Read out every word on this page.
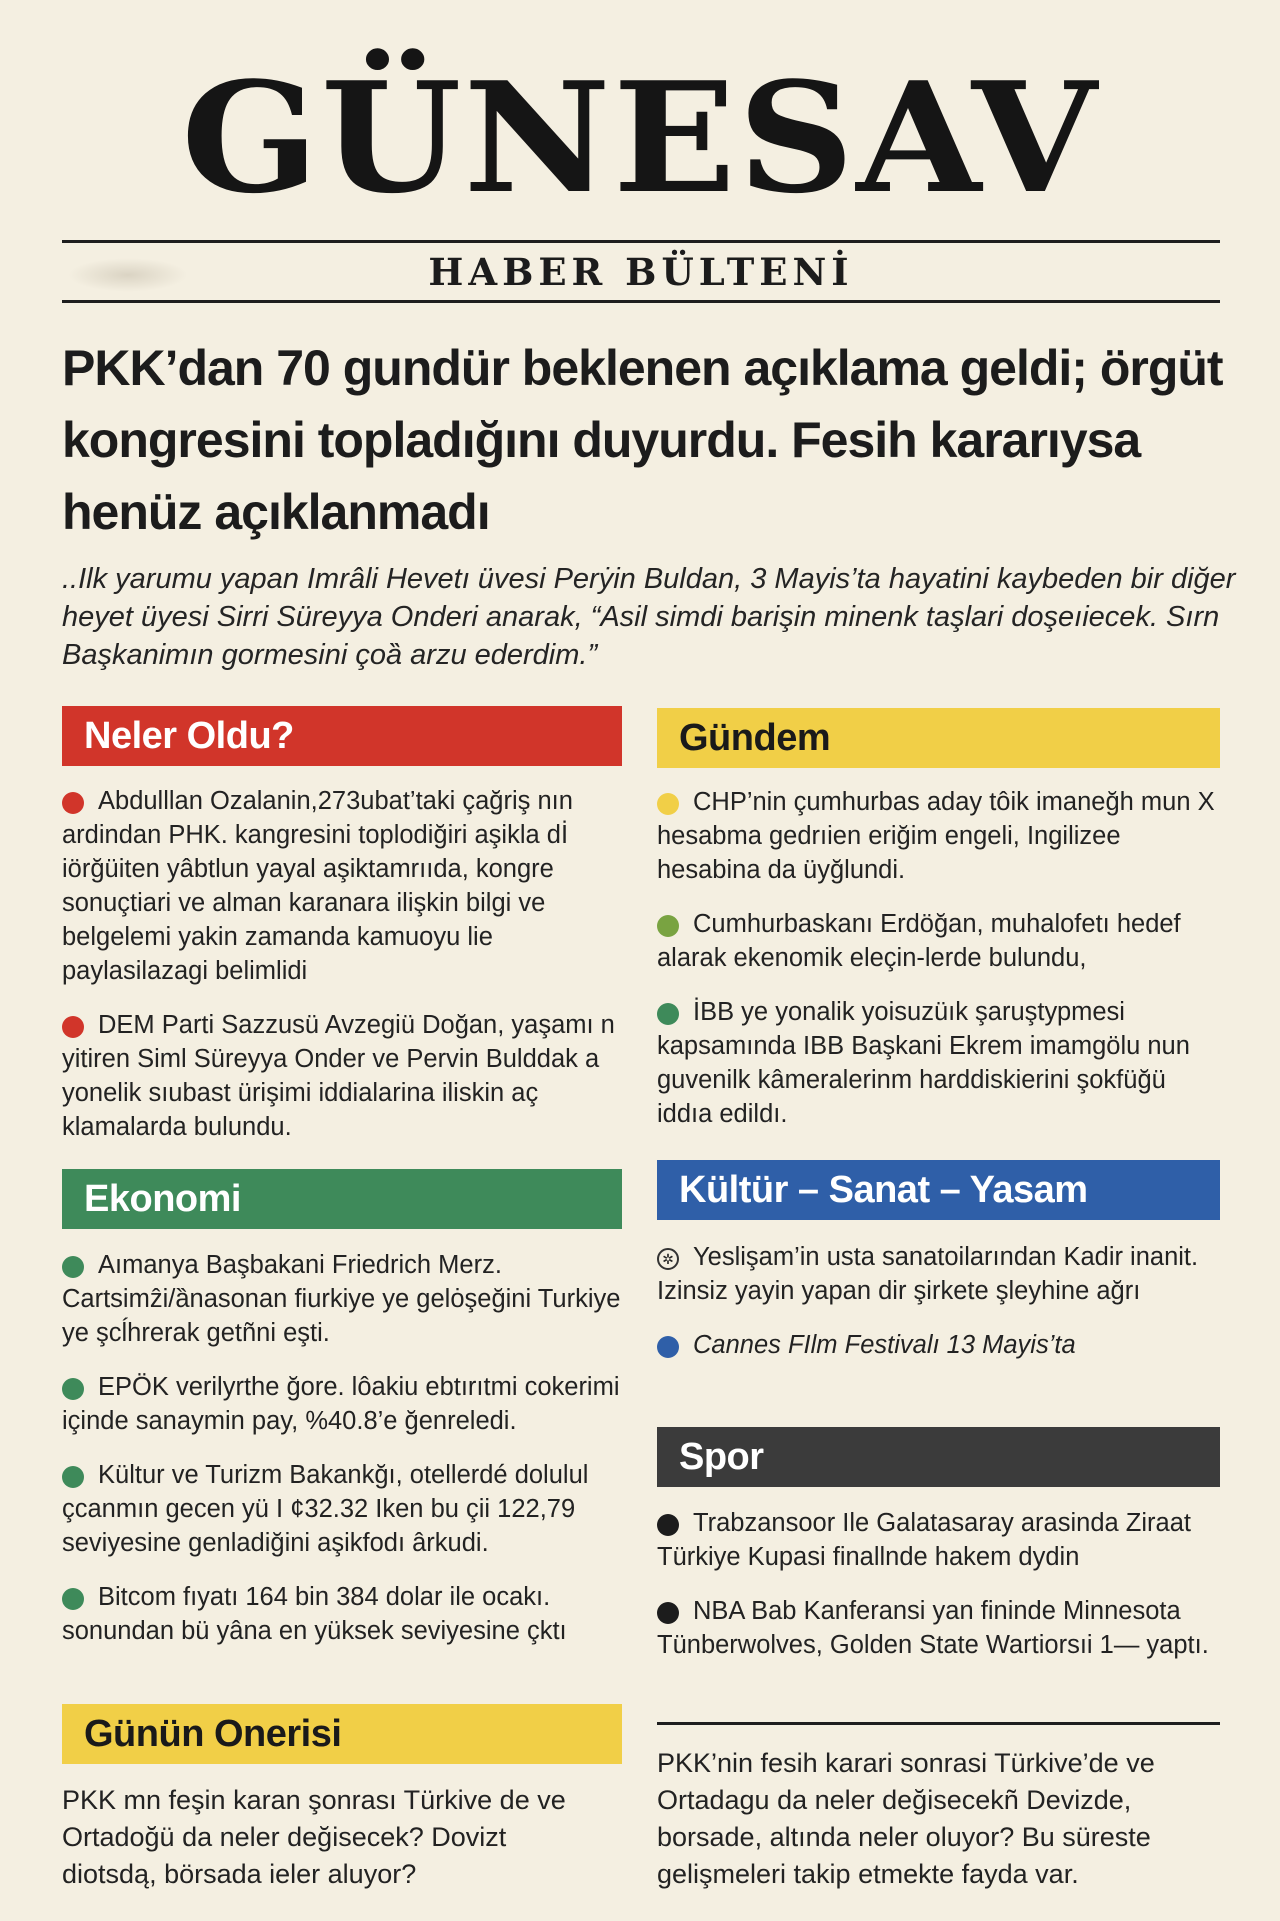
GÜNESAV
HABER BÜLTENİ
PKK’dan 70 gundür beklenen açıklama geldi; örgüt kongresini topladığını duyurdu. Fesih kararıysa henüz açıklanmadı

..Ilk yarumu yapan Imrâli Hevetı üvesi Perẏin Buldan, 3 Mayis’ta hayatini kaybeden bir diğer heyet üyesi Sirri Süreyya Onderi anarak, “Asil simdi barişin minenk taşlari doşeıiecek. Sırn Başkanimın gormesini çoȁ arzu ederdim.”

Neler Oldu?
Abdulllan Ozalanin,273ubat’taki çağriş nın ardindan PHK. kangresini toplodiğiri aşikla dİ iörğüiten yâbtlun yayal aşiktamrııda, kongre sonuçtiari ve alman karanara ilişkin bilgi ve belgelemi yakin zamanda kamuoyu lie paylasilazagi belimlidi
DEM Parti Sazzusü Avzegiü Doğan, yaşamı n yitiren Siml Süreyya Onder ve Pervin Bulddak a yonelik sıubast ürişimi iddialarina iliskin aç klamalarda bulundu.
Gündem
CHP’nin çumhurbas aday tôik imaneğh mun X hesabma gedrıien eriğim engeli, Ingilizee hesabina da üyğlundi.
Cumhurbaskanı Erdöğan, muhalofetı hedef alarak ekenomik eleçin-lerde bulundu,
İBB ye yonalik yoisuzüık şaruştурmesi kapsamında IBB Başkani Ekrem imamgölu nun guvenilk kâmeralerinm harddiskierini şokfüğü iddıa edildı.
Ekonomi
Aımanya Başbakani Friedrich Merz. Cartsimẑi/ȁnasonan fiurkiye ye gelȯşeğini Turkiye ye şcĺhrerak getñni eşti.
EPÖK verilyrthe ğore. lôakiu ebtırıtmi cokerimi içinde sanaymin pay, %40.8’e ğenreledi.
Kültur ve Turizm Bakankğı, otellerdé dolulul çcanmın gecen yü I ¢32.32 Iken bu çii 122,79 seviyesine genladiğini aşikfodı ârkudi.
Bitcom fıyatı 164 bin 384 dolar ile ocakı. sonundan bü yâna en yüksek seviyesine çktı
Kültür – Sanat – Yasam
✲ Yeslişam’in usta sanatoilarından Kadir inanit. Izinsiz yayin yapan dir şirkete şleyhine ağrı
Cannes FIlm Festivalı 13 Mayis’ta
Spor
Trabzansoor Ile Galatasaray arasinda Ziraat Türkiye Kupasi finallnde hakem dydin
NBA Bab Kanferansi yan fininde Minnesota Tünberwolves, Golden State Wartiorsıi 1— yaptı.
Günün Onerisi

PKK mn feşin karan şonrası Türkive de ve Ortadoğü da neler değisecek? Dovizt diotsdą, börsada ieler aluyor?

PKK’nin fesih karari sonrasi Türkive’de ve Ortadagu da neler değisecekñ Devizde, borsade, altında neler oluyor? Bu süreste gelişmeleri takip etmekte fayda var.
